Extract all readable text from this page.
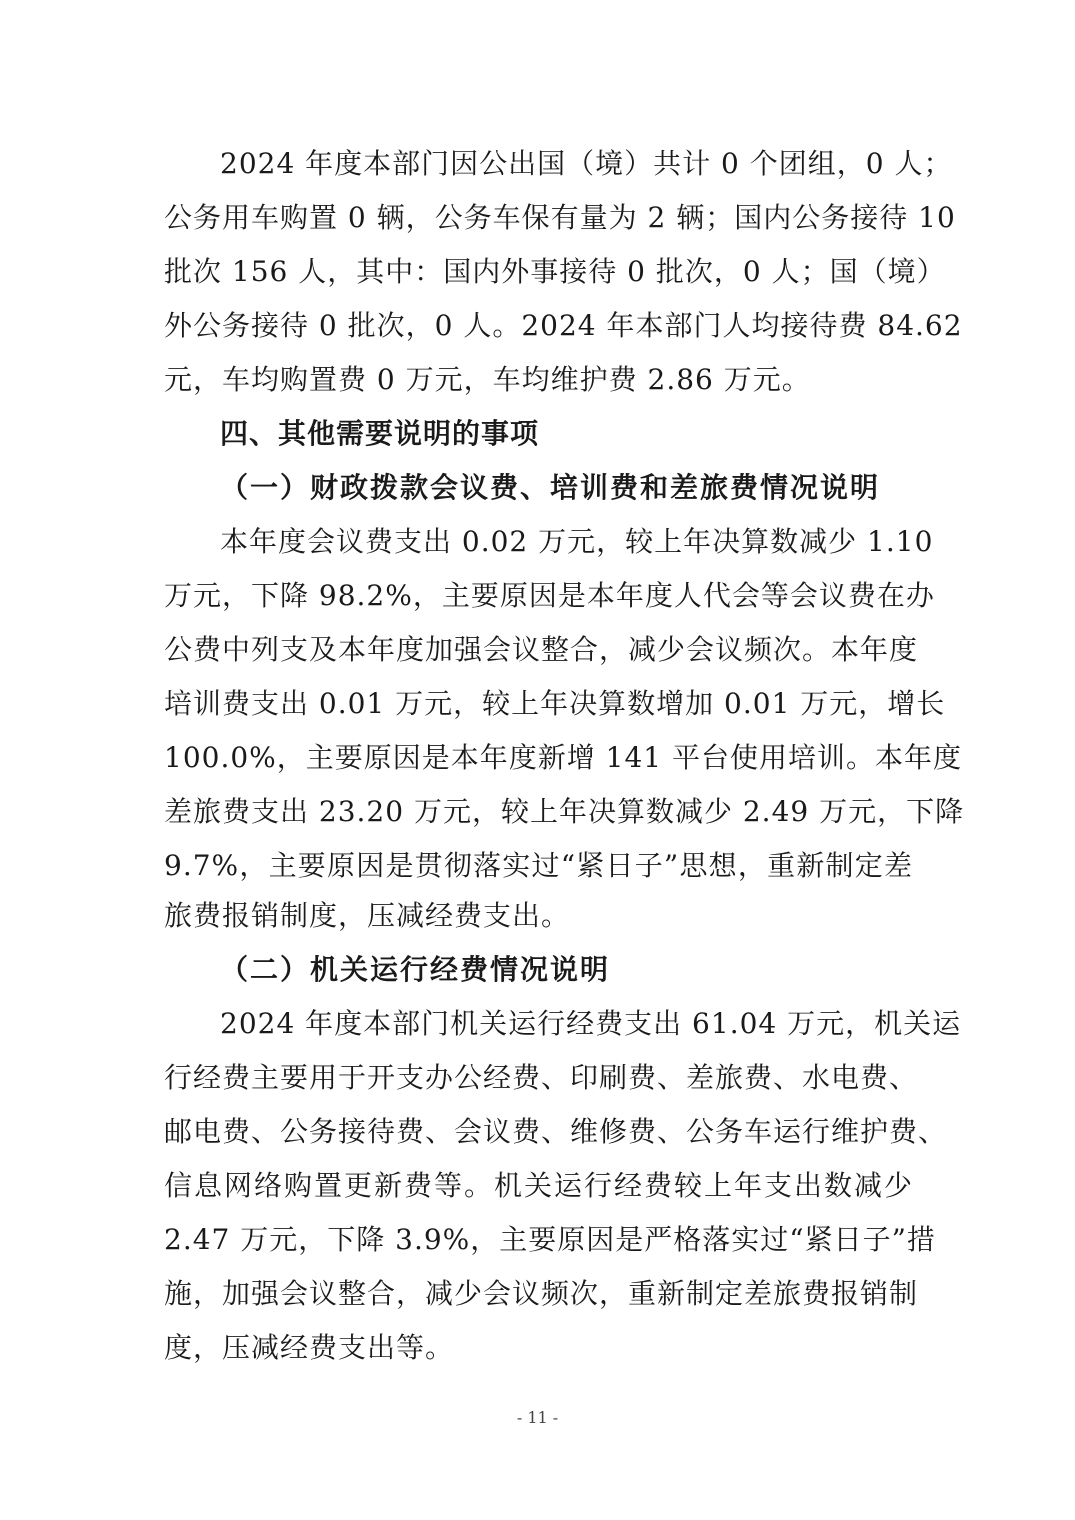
2024 年度本部门因公出国（境）共计 0 个团组，0 人；
公务用车购置 0 辆，公务车保有量为 2 辆；国内公务接待 10
批次 156 人，其中：国内外事接待 0 批次，0 人；国（境）
外公务接待 0 批次，0 人。2024 年本部门人均接待费 84.62
元，车均购置费 0 万元，车均维护费 2.86 万元。
四、其他需要说明的事项
（一）财政拨款会议费、培训费和差旅费情况说明
本年度会议费支出 0.02 万元，较上年决算数减少 1.10
万元，下降 98.2%，主要原因是本年度人代会等会议费在办
公费中列支及本年度加强会议整合，减少会议频次。本年度
培训费支出 0.01 万元，较上年决算数增加 0.01 万元，增长
100.0%，主要原因是本年度新增 141 平台使用培训。本年度
差旅费支出 23.20 万元，较上年决算数减少 2.49 万元，下降
9.7%，主要原因是贯彻落实过“紧日子”思想，重新制定差
旅费报销制度，压减经费支出。
（二）机关运行经费情况说明
2024 年度本部门机关运行经费支出 61.04 万元，机关运
行经费主要用于开支办公经费、印刷费、差旅费、水电费、
邮电费、公务接待费、会议费、维修费、公务车运行维护费、
信息网络购置更新费等。机关运行经费较上年支出数减少
2.47 万元，下降 3.9%，主要原因是严格落实过“紧日子”措
施，加强会议整合，减少会议频次，重新制定差旅费报销制
度，压减经费支出等。
- 11 -
